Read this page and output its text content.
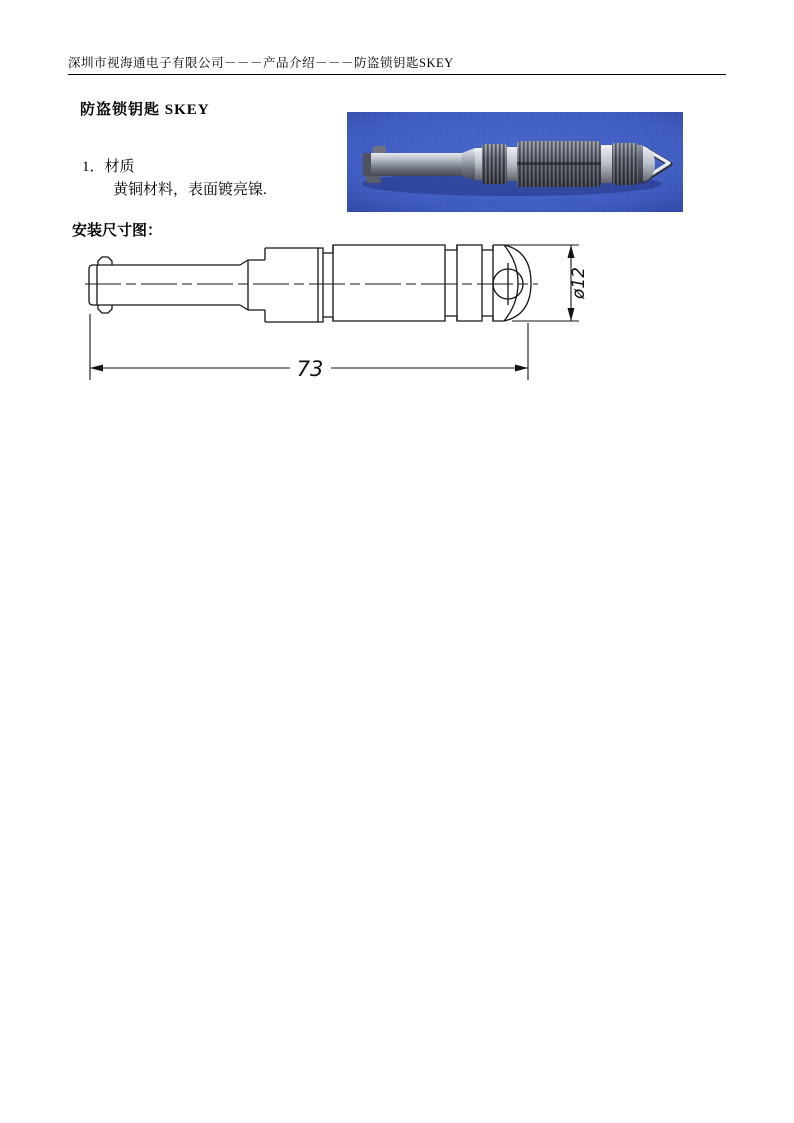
深圳市视海通电子有限公司－－－产品介绍－－－防盗锁钥匙SKEY
防盗锁钥匙 SKEY
1．材质
黄铜材料，表面镀亮镍.
安装尺寸图：
73
ø12
